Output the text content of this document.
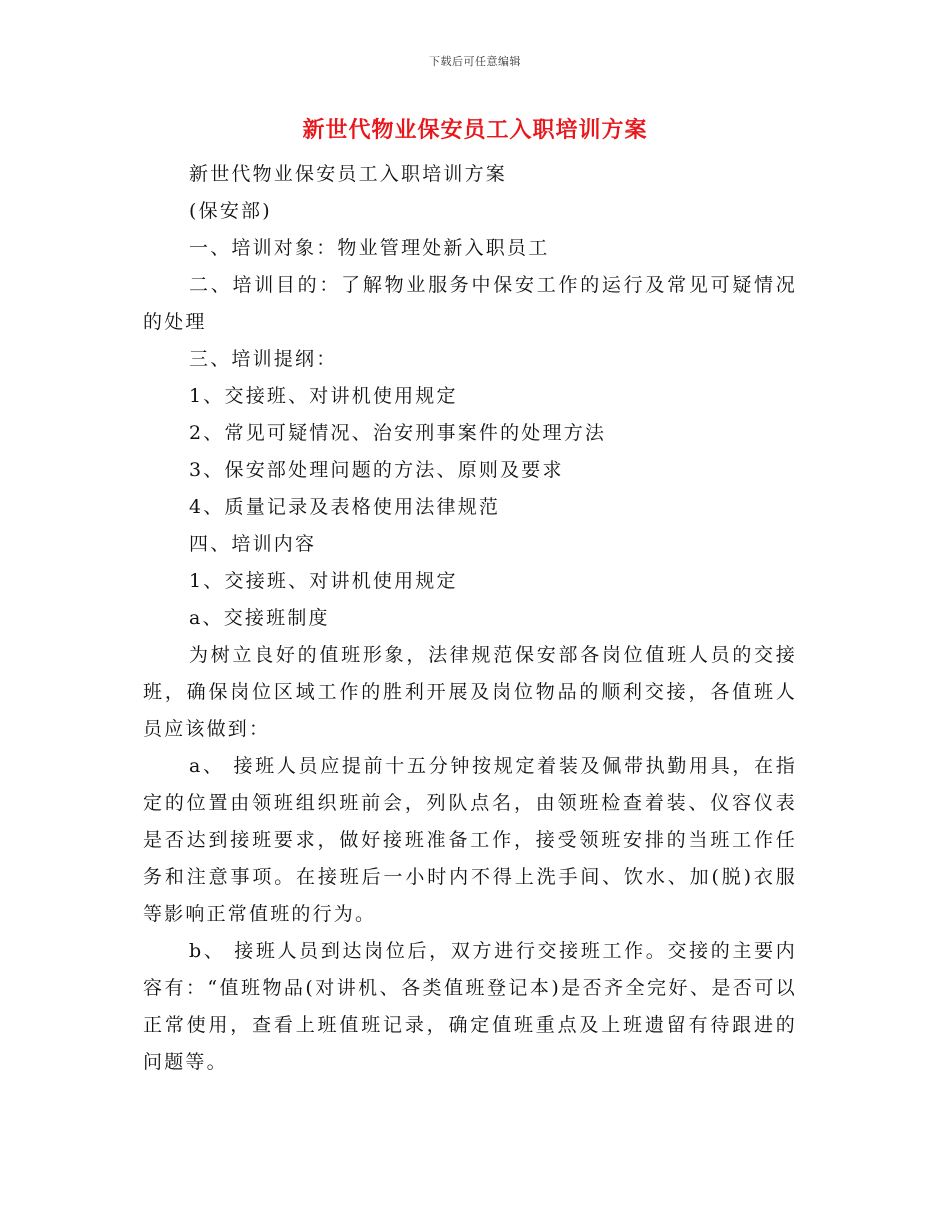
下载后可任意编辑
新世代物业保安员工入职培训方案

新世代物业保安员工入职培训方案

(保安部)

一、培训对象：物业管理处新入职员工

二、培训目的：了解物业服务中保安工作的运行及常见可疑情况的处理

三、培训提纲：

1、交接班、对讲机使用规定

2、常见可疑情况、治安刑事案件的处理方法

3、保安部处理问题的方法、原则及要求

4、质量记录及表格使用法律规范

四、培训内容

1、交接班、对讲机使用规定

a、交接班制度

为树立良好的值班形象，法律规范保安部各岗位值班人员的交接班，确保岗位区域工作的胜利开展及岗位物品的顺利交接，各值班人员应该做到：

a、 接班人员应提前十五分钟按规定着装及佩带执勤用具，在指定的位置由领班组织班前会，列队点名，由领班检查着装、仪容仪表是否达到接班要求，做好接班准备工作，接受领班安排的当班工作任务和注意事项。在接班后一小时内不得上洗手间、饮水、加(脱)衣服等影响正常值班的行为。

b、 接班人员到达岗位后，双方进行交接班工作。交接的主要内容有：“值班物品(对讲机、各类值班登记本)是否齐全完好、是否可以正常使用，查看上班值班记录，确定值班重点及上班遗留有待跟进的问题等。
